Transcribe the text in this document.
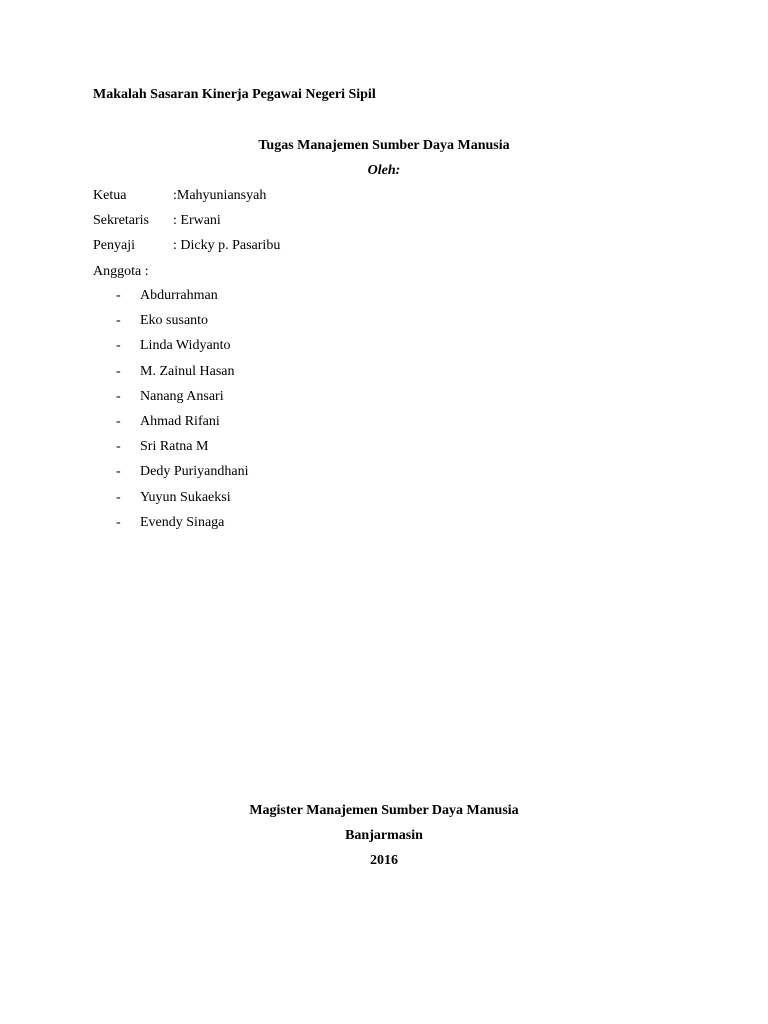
Makalah Sasaran Kinerja Pegawai Negeri Sipil
Tugas Manajemen Sumber Daya Manusia
Oleh:
Ketua	:Mahyuniansyah
Sekretaris : Erwani
Penyaji	: Dicky p. Pasaribu
Anggota :
- Abdurrahman
- Eko susanto
- Linda Widyanto
- M. Zainul Hasan
- Nanang Ansari
- Ahmad Rifani
- Sri Ratna M
- Dedy Puriyandhani
- Yuyun Sukaeksi
- Evendy Sinaga
Magister Manajemen Sumber Daya Manusia
Banjarmasin
2016
